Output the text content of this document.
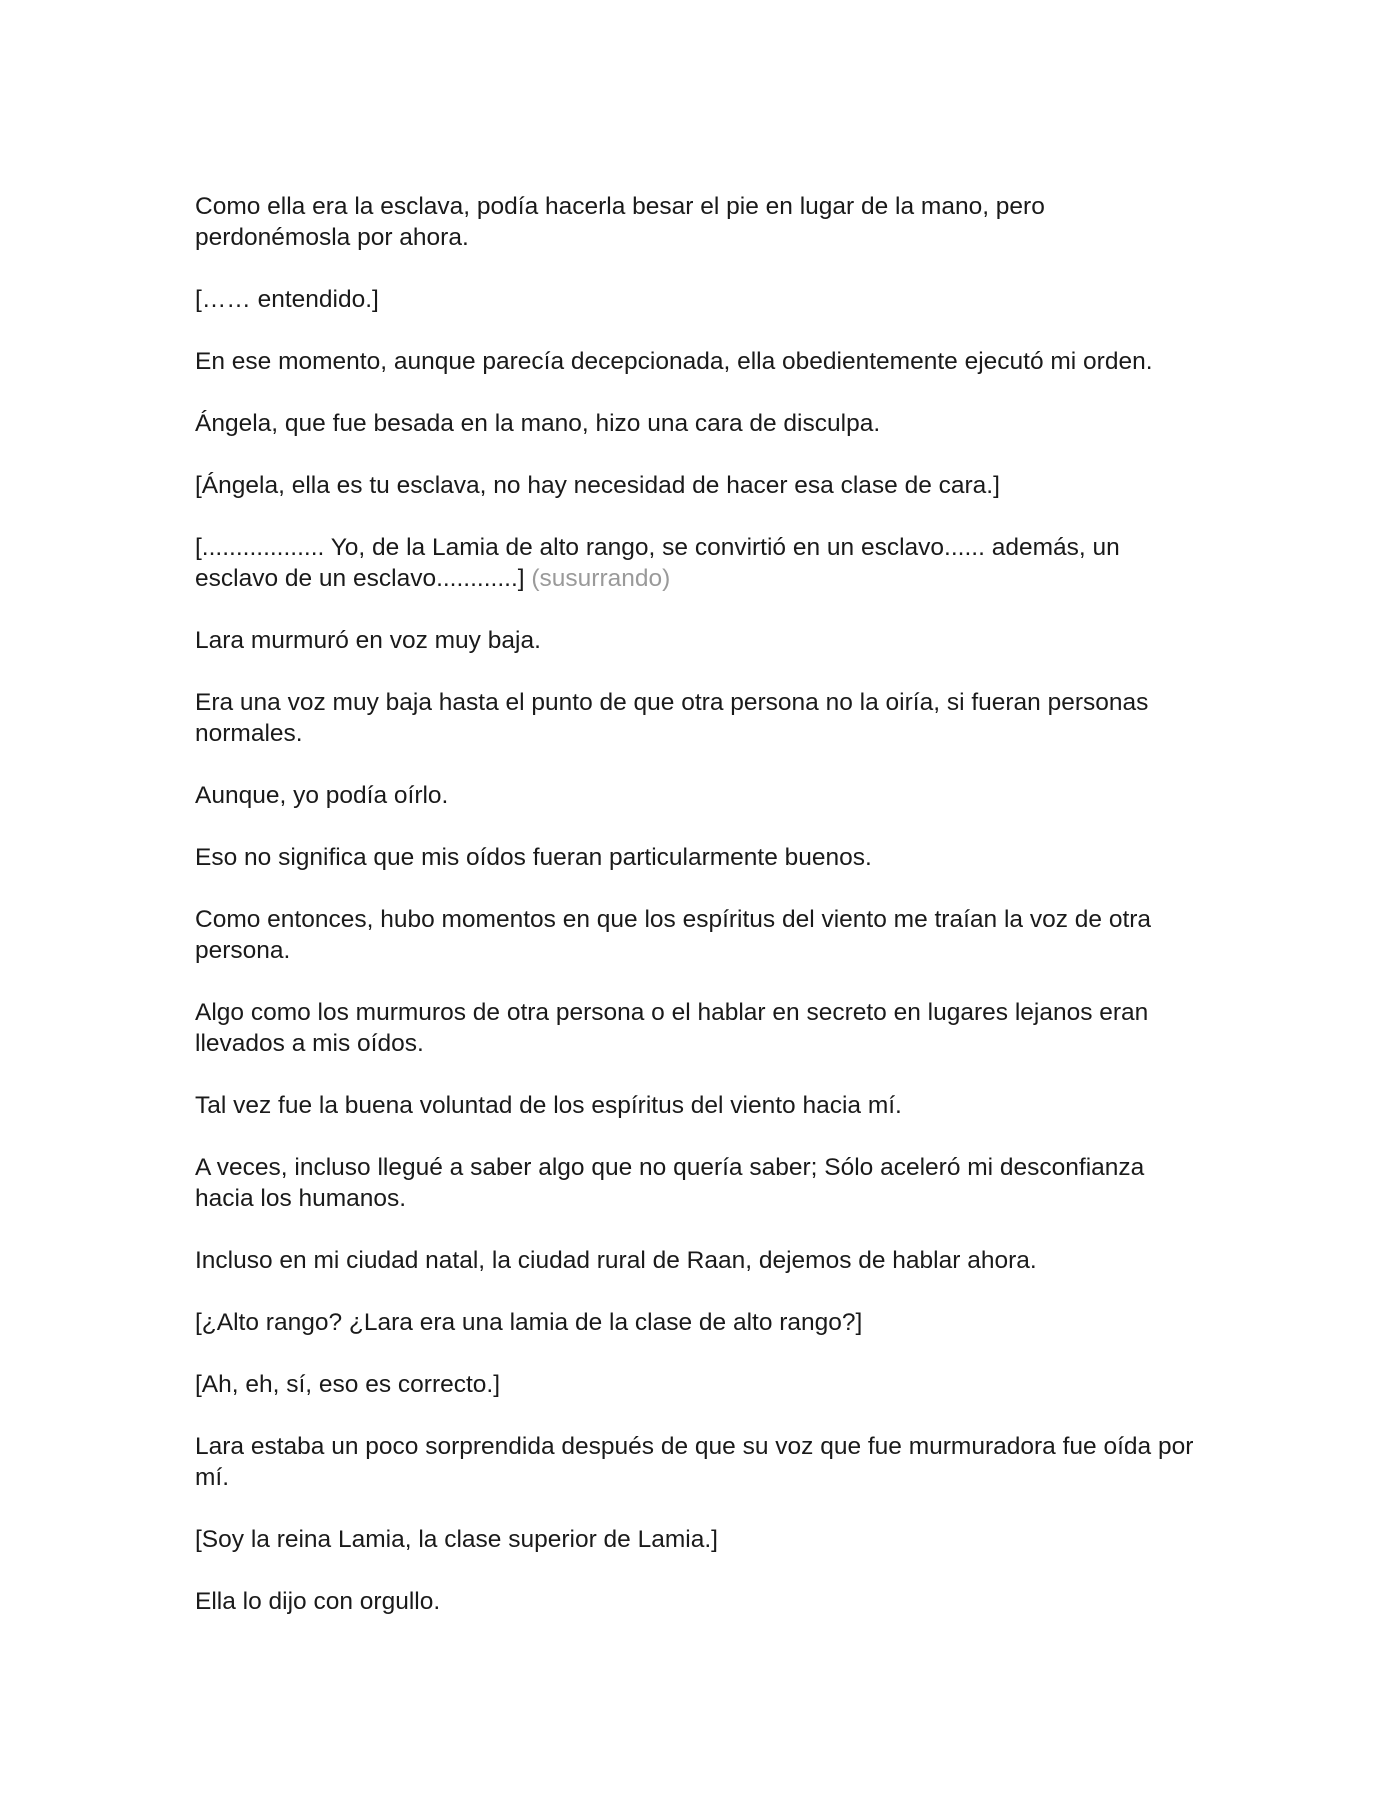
Como ella era la esclava, podía hacerla besar el pie en lugar de la mano, pero perdonémosla por ahora.

[…… entendido.]

En ese momento, aunque parecía decepcionada, ella obedientemente ejecutó mi orden.

Ángela, que fue besada en la mano, hizo una cara de disculpa.

[Ángela, ella es tu esclava, no hay necesidad de hacer esa clase de cara.]

[.................. Yo, de la Lamia de alto rango, se convirtió en un esclavo...... además, un esclavo de un esclavo............] (susurrando)

Lara murmuró en voz muy baja.

Era una voz muy baja hasta el punto de que otra persona no la oiría, si fueran personas normales.

Aunque, yo podía oírlo.

Eso no significa que mis oídos fueran particularmente buenos.

Como entonces, hubo momentos en que los espíritus del viento me traían la voz de otra persona.

Algo como los murmuros de otra persona o el hablar en secreto en lugares lejanos eran llevados a mis oídos.

Tal vez fue la buena voluntad de los espíritus del viento hacia mí.

A veces, incluso llegué a saber algo que no quería saber; Sólo aceleró mi desconfianza hacia los humanos.

Incluso en mi ciudad natal, la ciudad rural de Raan, dejemos de hablar ahora.

[¿Alto rango? ¿Lara era una lamia de la clase de alto rango?]

[Ah, eh, sí, eso es correcto.]

Lara estaba un poco sorprendida después de que su voz que fue murmuradora fue oída por mí.

[Soy la reina Lamia, la clase superior de Lamia.]

Ella lo dijo con orgullo.
